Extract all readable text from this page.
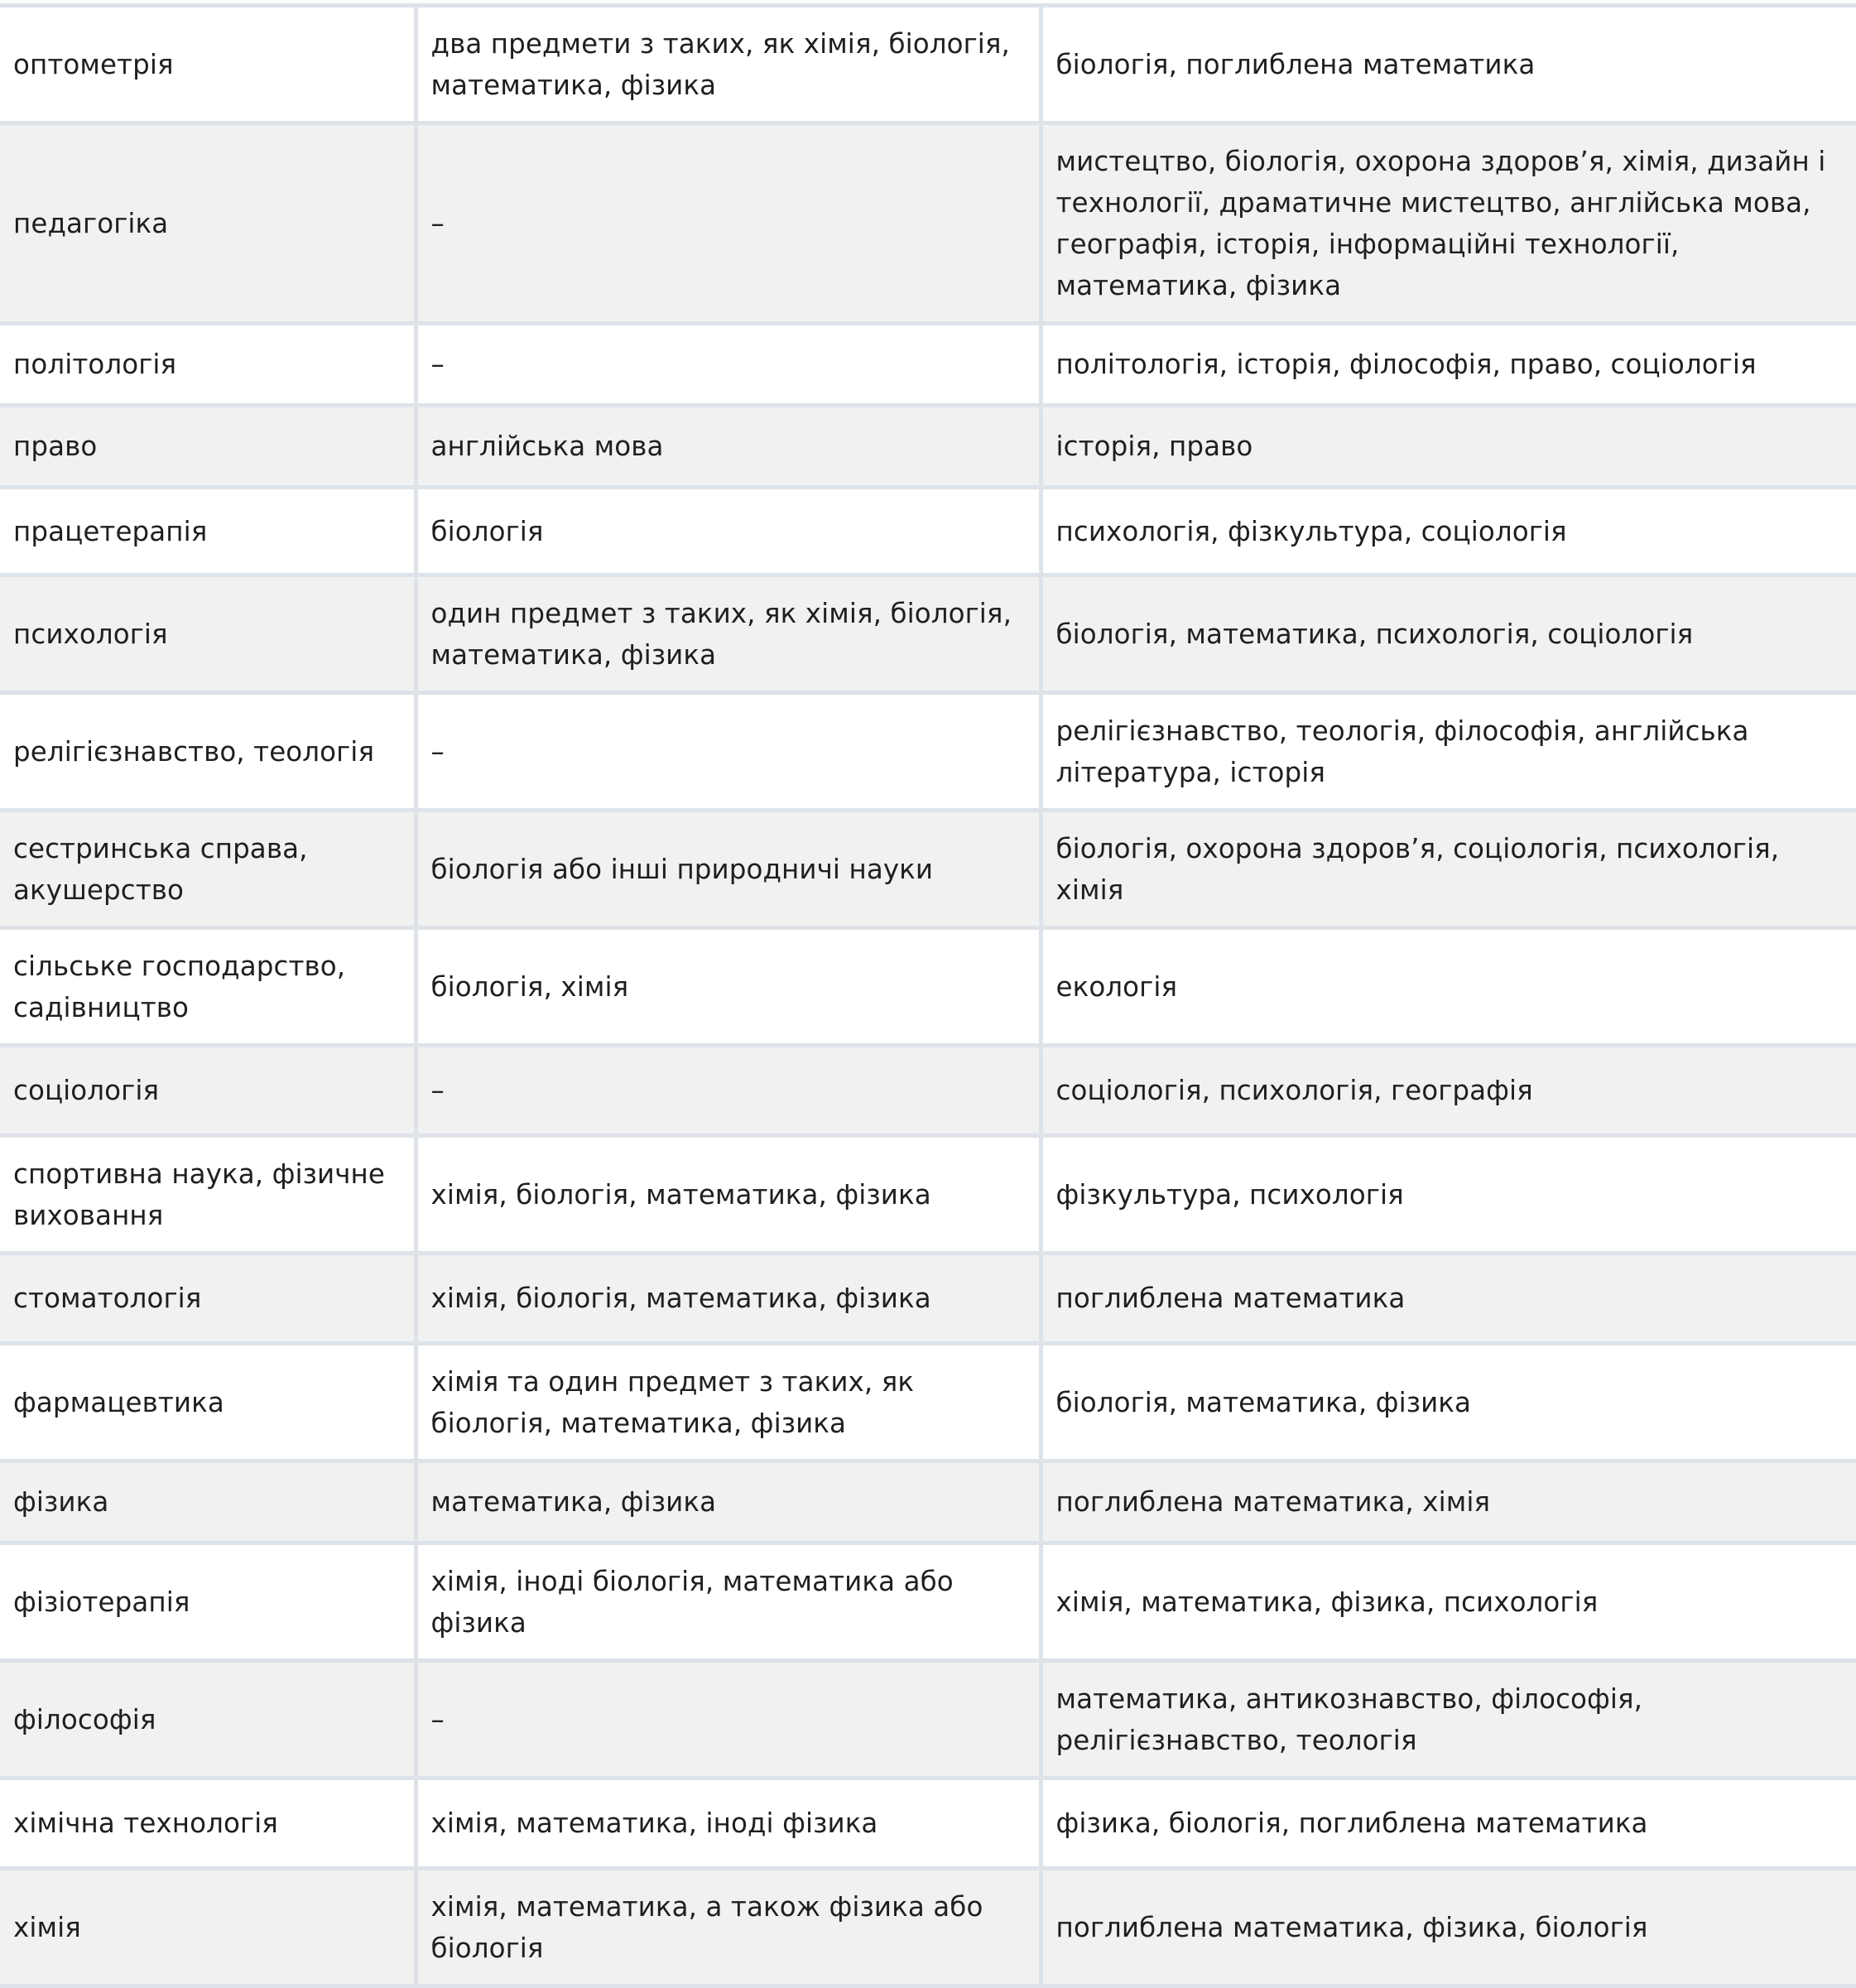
оптометрія	два предмети з таких, як хімія, біологія, математика, фізика	біологія, поглиблена математика
педагогіка	–	мистецтво, біологія, охорона здоров’я, хімія, дизайн і технології, драматичне мистецтво, англійська мова, географія, історія, інформаційні технології, математика, фізика
політологія	–	політологія, історія, філософія, право, соціологія
право	англійська мова	історія, право
працетерапія	біологія	психологія, фізкультура, соціологія
психологія	один предмет з таких, як хімія, біологія, математика, фізика	біологія, математика, психологія, соціологія
релігієзнавство, теологія	–	релігієзнавство, теологія, філософія, англійська література, історія
сестринська справа, акушерство	біологія або інші природничі науки	біологія, охорона здоров’я, соціологія, психологія, хімія
сільське господарство, садівництво	біологія, хімія	екологія
соціологія	–	соціологія, психологія, географія
спортивна наука, фізичне виховання	хімія, біологія, математика, фізика	фізкультура, психологія
стоматологія	хімія, біологія, математика, фізика	поглиблена математика
фармацевтика	хімія та один предмет з таких, як біологія, математика, фізика	біологія, математика, фізика
фізика	математика, фізика	поглиблена математика, хімія
фізіотерапія	хімія, іноді біологія, математика або фізика	хімія, математика, фізика, психологія
філософія	–	математика, антикознавство, філософія, релігієзнавство, теологія
хімічна технологія	хімія, математика, іноді фізика	фізика, біологія, поглиблена математика
хімія	хімія, математика, а також фізика або біологія	поглиблена математика, фізика, біологія
